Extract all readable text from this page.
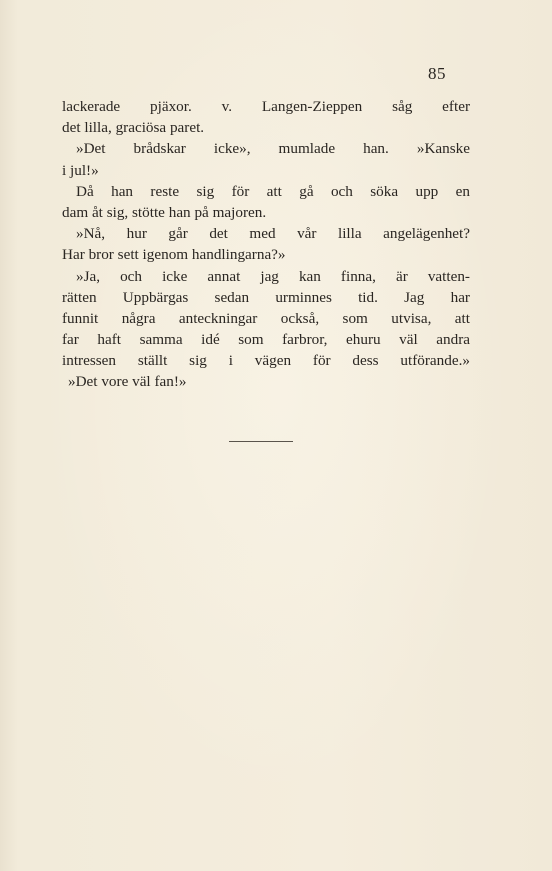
85
lackerade pjäxor. v. Langen-Zieppen såg efter
det lilla, graciösa paret.
»Det brådskar icke», mumlade han. »Kanske
i jul!»
Då han reste sig för att gå och söka upp en
dam åt sig, stötte han på majoren.
»Nå, hur går det med vår lilla angelägenhet?
Har bror sett igenom handlingarna?»
»Ja, och icke annat jag kan finna, är vatten-
rätten Uppbärgas sedan urminnes tid. Jag har
funnit några anteckningar också, som utvisa, att
far haft samma idé som farbror, ehuru väl andra
intressen ställt sig i vägen för dess utförande.»
»Det vore väl fan!»
